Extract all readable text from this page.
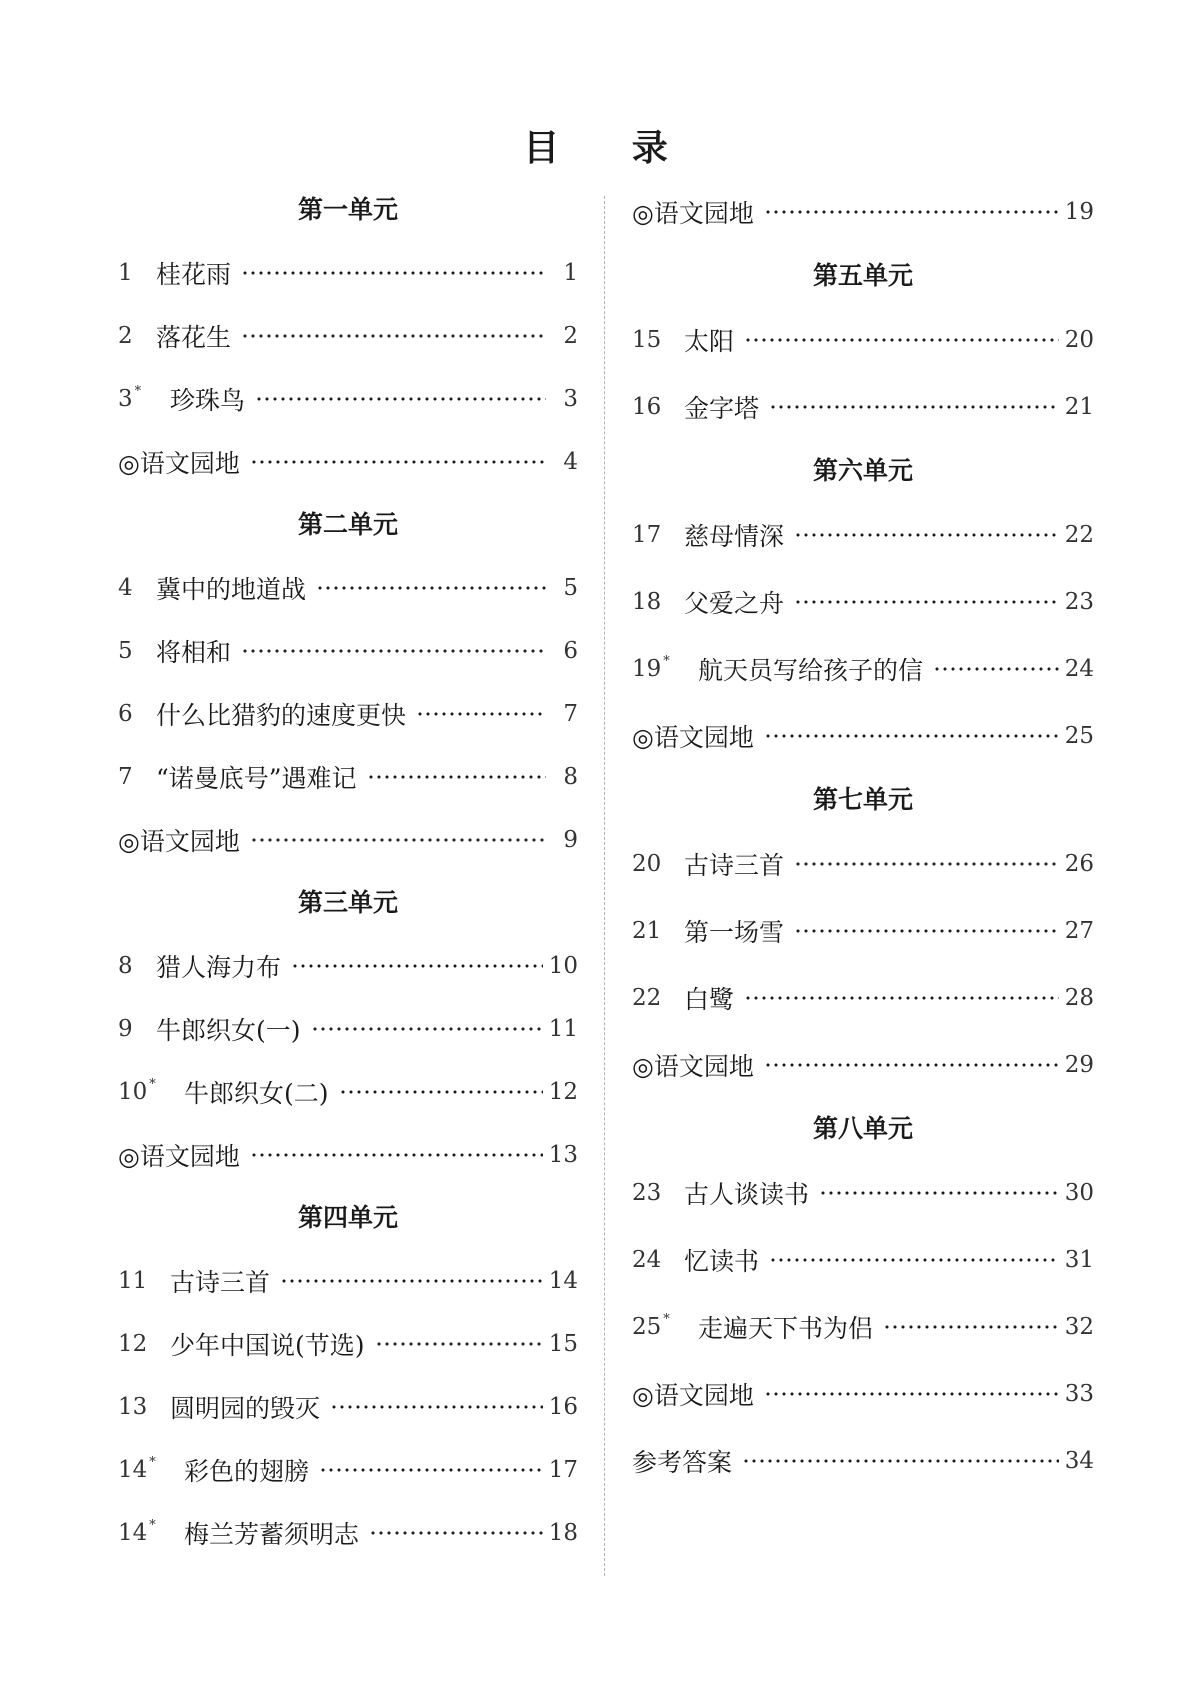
目 录
第一单元
1 桂花雨	1
2 落花生	2
3 *	珍珠鸟	3
◎语文园地	4
第二单元
4 冀中的地道战	5
5 将相和	6
6 什么比猎豹的速度更快	7
7 “诺曼底号”遇难记	8
◎语文园地	9
第三单元
8 猎人海力布	10
9 牛郎织女(一)	11
10 *	牛郎织女(二)	12
◎语文园地	13
第四单元
11 古诗三首	14
12 少年中国说(节选)	15
13 圆明园的毁灭	16
14 *	彩色的翅膀	17
14 *	梅兰芳蓄须明志	18
◎语文园地	19
第五单元
15 太阳	20
16 金字塔	21
第六单元
17 慈母情深	22
18 父爱之舟	23
19 *	航天员写给孩子的信	24
◎语文园地	25
第七单元
20 古诗三首	26
21 第一场雪	27
22 白鹭	28
◎语文园地	29
第八单元
23 古人谈读书	30
24 忆读书	31
25 *	走遍天下书为侣	32
◎语文园地	33
参考答案	34
